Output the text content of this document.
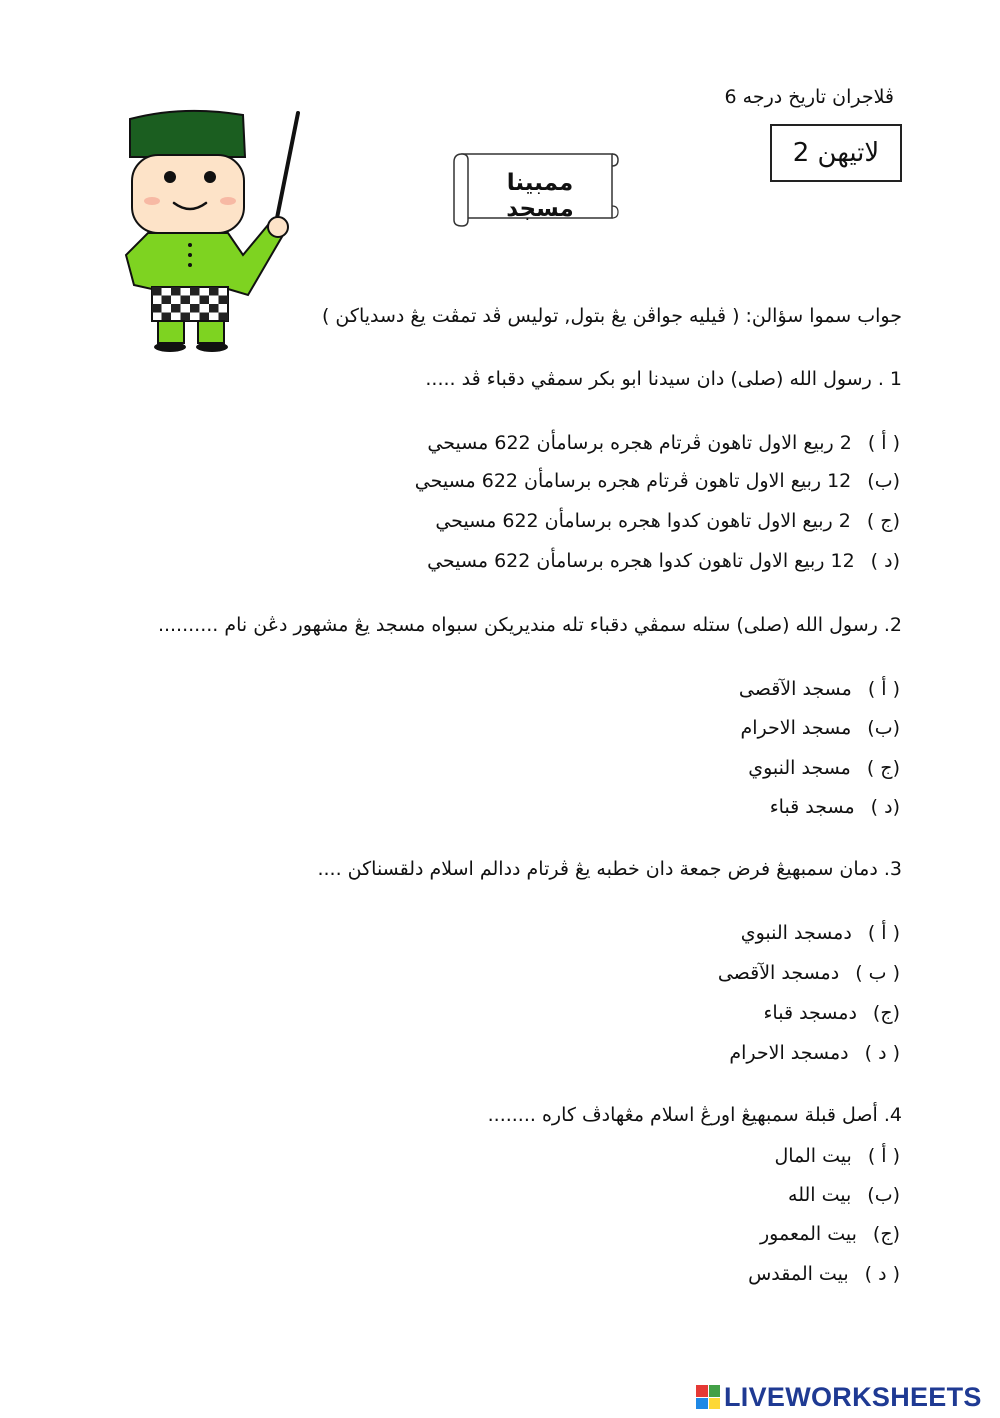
ڤلاجران تاريخ درجه 6
لاتيهن 2
ممبينا مسجد
جواب سموا سؤالن: ( ڤيليه جواڤن يڠ بتول, توليس ڤد تمڤت يڠ دسدياكن )
1 . رسول الله (صلى) دان سيدنا ابو بكر سمڤي دقباء ڤد .....
( أ )2 ربيع الاول تاهون ڤرتام هجره برسامأن 622 مسيحي
(ب)12 ربيع الاول تاهون ڤرتام هجره برسامأن 622 مسيحي
(ج )2 ربيع الاول تاهون كدوا هجره برسامأن 622 مسيحي
(د )12 ربيع الاول تاهون كدوا هجره برسامأن 622 مسيحي
2. رسول الله (صلى) ستله سمڤي دقباء تله منديريكن سبواه مسجد يڠ مشهور دڠن نام ..........
( أ )مسجد الآقصى
(ب)مسجد الاحرام
(ج )مسجد النبوي
(د )مسجد قباء
3. دمان سمبهيڠ فرض جمعة دان خطبه يڠ ڤرتام ددالم اسلام دلقسناكن ....
( أ )دمسجد النبوي
( ب )دمسجد الآقصى
(ج)دمسجد قباء
( د )دمسجد الاحرام
4. أصل قبلة سمبهيڠ اورڠ اسلام مڠهادڤ كاره ........
( أ )بيت المال
(ب)بيت الله
(ج)بيت المعمور
( د )بيت المقدس
LIVEWORKSHEETS
